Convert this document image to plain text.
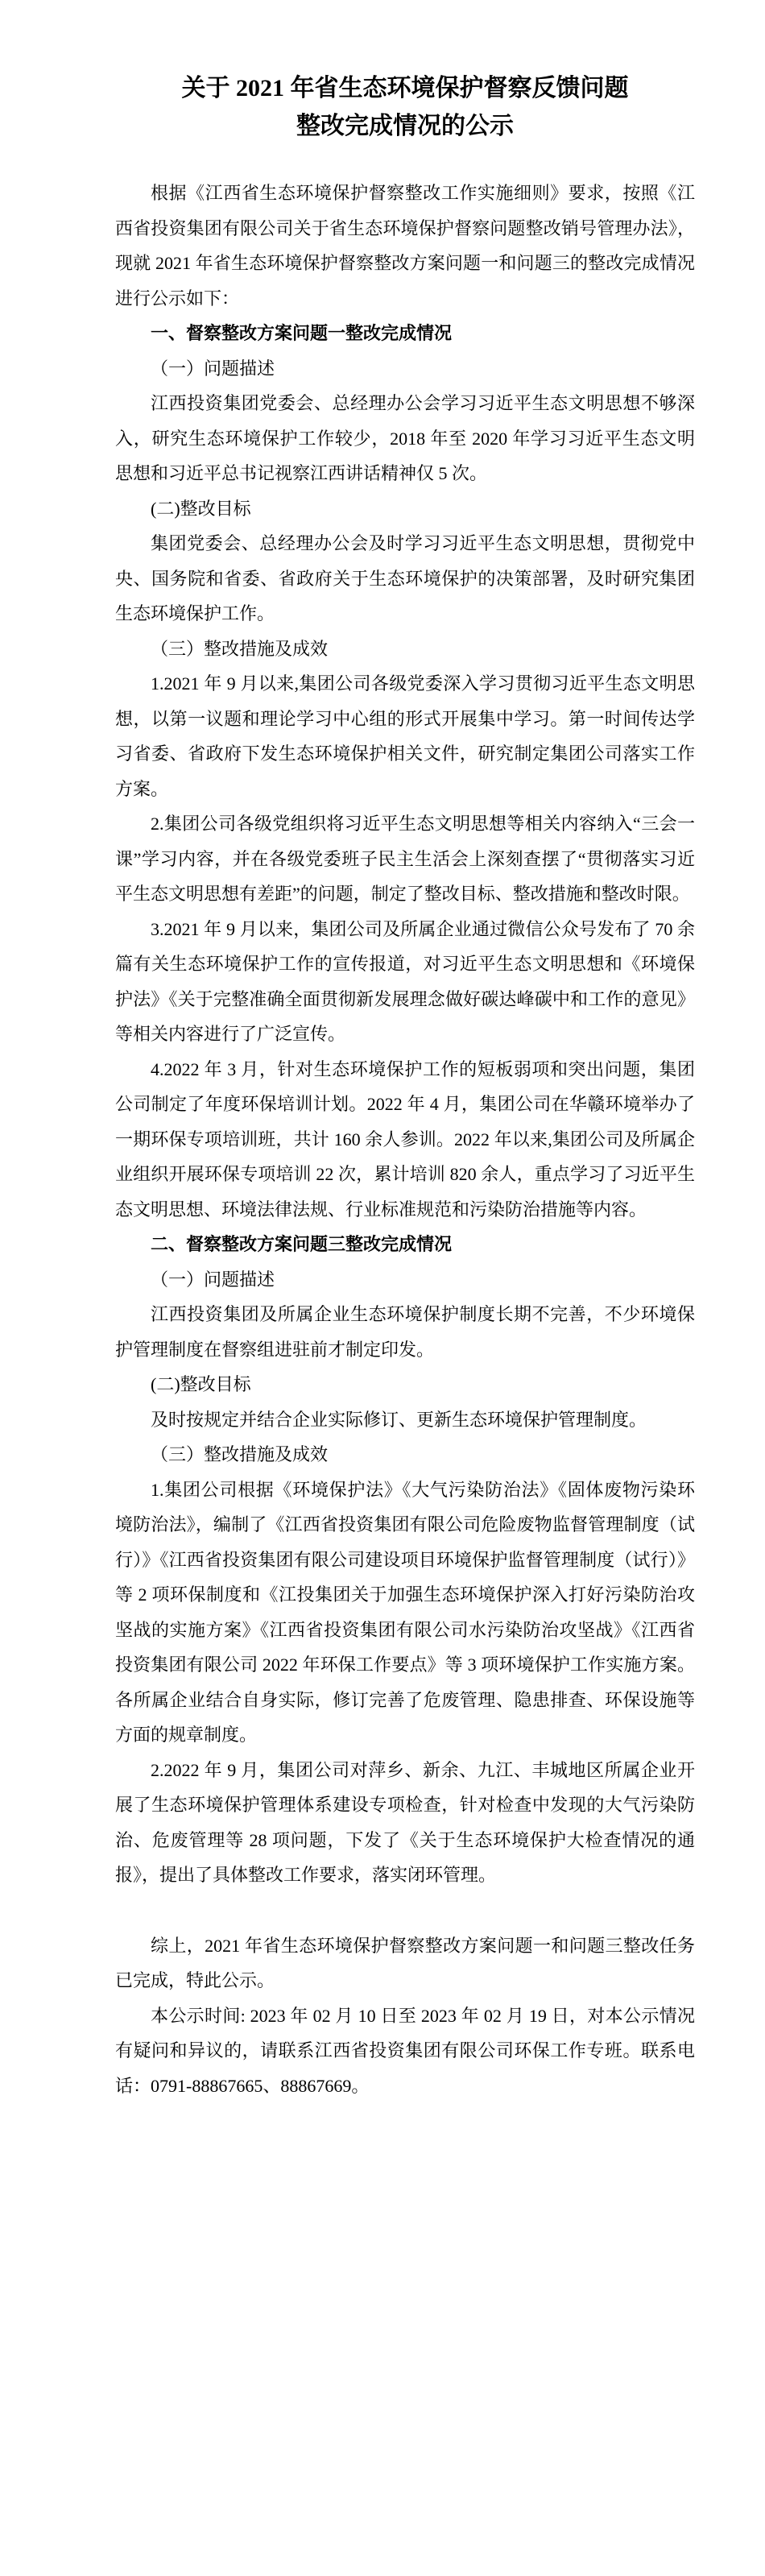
关于 2021 年省生态环境保护督察反馈问题
整改完成情况的公示

根据《江西省生态环境保护督察整改工作实施细则》要求，按照《江西省投资集团有限公司关于省生态环境保护督察问题整改销号管理办法》，现就 2021 年省生态环境保护督察整改方案问题一和问题三的整改完成情况进行公示如下：

一、督察整改方案问题一整改完成情况
（一）问题描述

江西投资集团党委会、总经理办公会学习习近平生态文明思想不够深入，研究生态环境保护工作较少，2018 年至 2020 年学习习近平生态文明思想和习近平总书记视察江西讲话精神仅 5 次。

(二)整改目标

集团党委会、总经理办公会及时学习习近平生态文明思想，贯彻党中央、国务院和省委、省政府关于生态环境保护的决策部署，及时研究集团生态环境保护工作。

（三）整改措施及成效

1.2021 年 9 月以来,集团公司各级党委深入学习贯彻习近平生态文明思想，以第一议题和理论学习中心组的形式开展集中学习。第一时间传达学习省委、省政府下发生态环境保护相关文件，研究制定集团公司落实工作方案。

2.集团公司各级党组织将习近平生态文明思想等相关内容纳入“三会一课”学习内容，并在各级党委班子民主生活会上深刻查摆了“贯彻落实习近平生态文明思想有差距”的问题，制定了整改目标、整改措施和整改时限。

3.2021 年 9 月以来，集团公司及所属企业通过微信公众号发布了 70 余篇有关生态环境保护工作的宣传报道，对习近平生态文明思想和《环境保护法》《关于完整准确全面贯彻新发展理念做好碳达峰碳中和工作的意见》等相关内容进行了广泛宣传。

4.2022 年 3 月，针对生态环境保护工作的短板弱项和突出问题，集团公司制定了年度环保培训计划。2022 年 4 月，集团公司在华赣环境举办了一期环保专项培训班，共计 160 余人参训。2022 年以来,集团公司及所属企业组织开展环保专项培训 22 次，累计培训 820 余人，重点学习了习近平生态文明思想、环境法律法规、行业标准规范和污染防治措施等内容。

二、督察整改方案问题三整改完成情况
（一）问题描述

江西投资集团及所属企业生态环境保护制度长期不完善，不少环境保护管理制度在督察组进驻前才制定印发。

(二)整改目标

及时按规定并结合企业实际修订、更新生态环境保护管理制度。

（三）整改措施及成效

1.集团公司根据《环境保护法》《大气污染防治法》《固体废物污染环境防治法》，编制了《江西省投资集团有限公司危险废物监督管理制度（试行）》《江西省投资集团有限公司建设项目环境保护监督管理制度（试行）》等 2 项环保制度和《江投集团关于加强生态环境保护深入打好污染防治攻坚战的实施方案》《江西省投资集团有限公司水污染防治攻坚战》《江西省投资集团有限公司 2022 年环保工作要点》等 3 项环境保护工作实施方案。各所属企业结合自身实际，修订完善了危废管理、隐患排查、环保设施等方面的规章制度。

2.2022 年 9 月，集团公司对萍乡、新余、九江、丰城地区所属企业开展了生态环境保护管理体系建设专项检查，针对检查中发现的大气污染防治、危废管理等 28 项问题，下发了《关于生态环境保护大检查情况的通报》，提出了具体整改工作要求，落实闭环管理。

综上，2021 年省生态环境保护督察整改方案问题一和问题三整改任务已完成，特此公示。

本公示时间: 2023 年 02 月 10 日至 2023 年 02 月 19 日，对本公示情况有疑问和异议的，请联系江西省投资集团有限公司环保工作专班。联系电话：0791-88867665、88867669。
